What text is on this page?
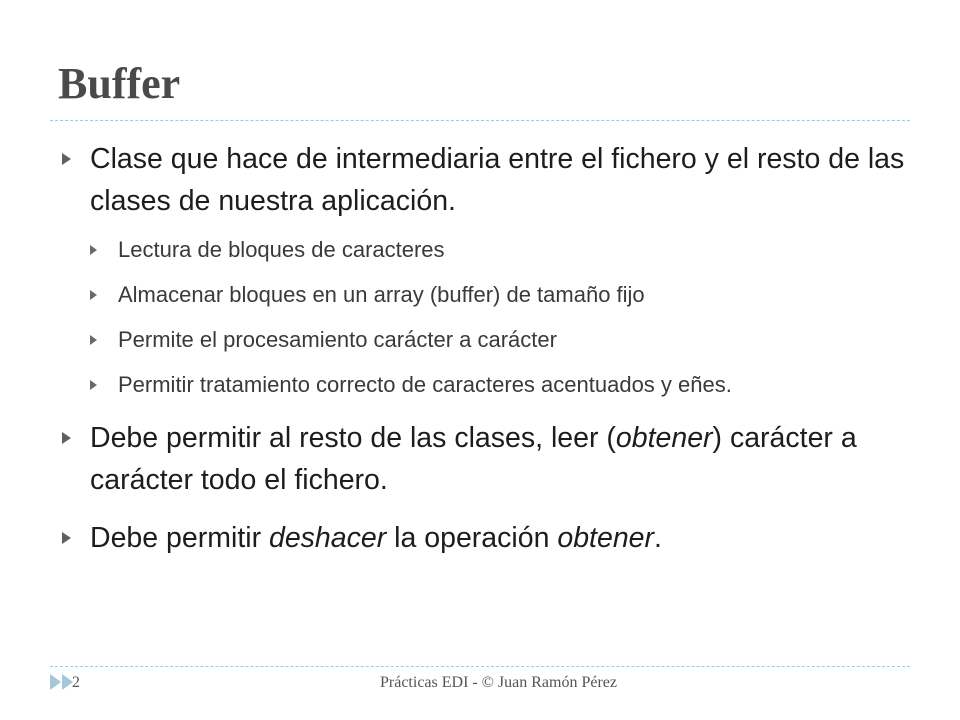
Buffer
Clase que hace de intermediaria entre el fichero y el resto de las clases de nuestra aplicación.
Lectura de bloques de caracteres
Almacenar bloques en un array (buffer) de tamaño fijo
Permite el procesamiento carácter a carácter
Permitir tratamiento correcto de caracteres acentuados y eñes.
Debe permitir al resto de las clases, leer (obtener) carácter a carácter todo el fichero.
Debe permitir deshacer la operación obtener.
2	Prácticas EDI - © Juan Ramón Pérez
